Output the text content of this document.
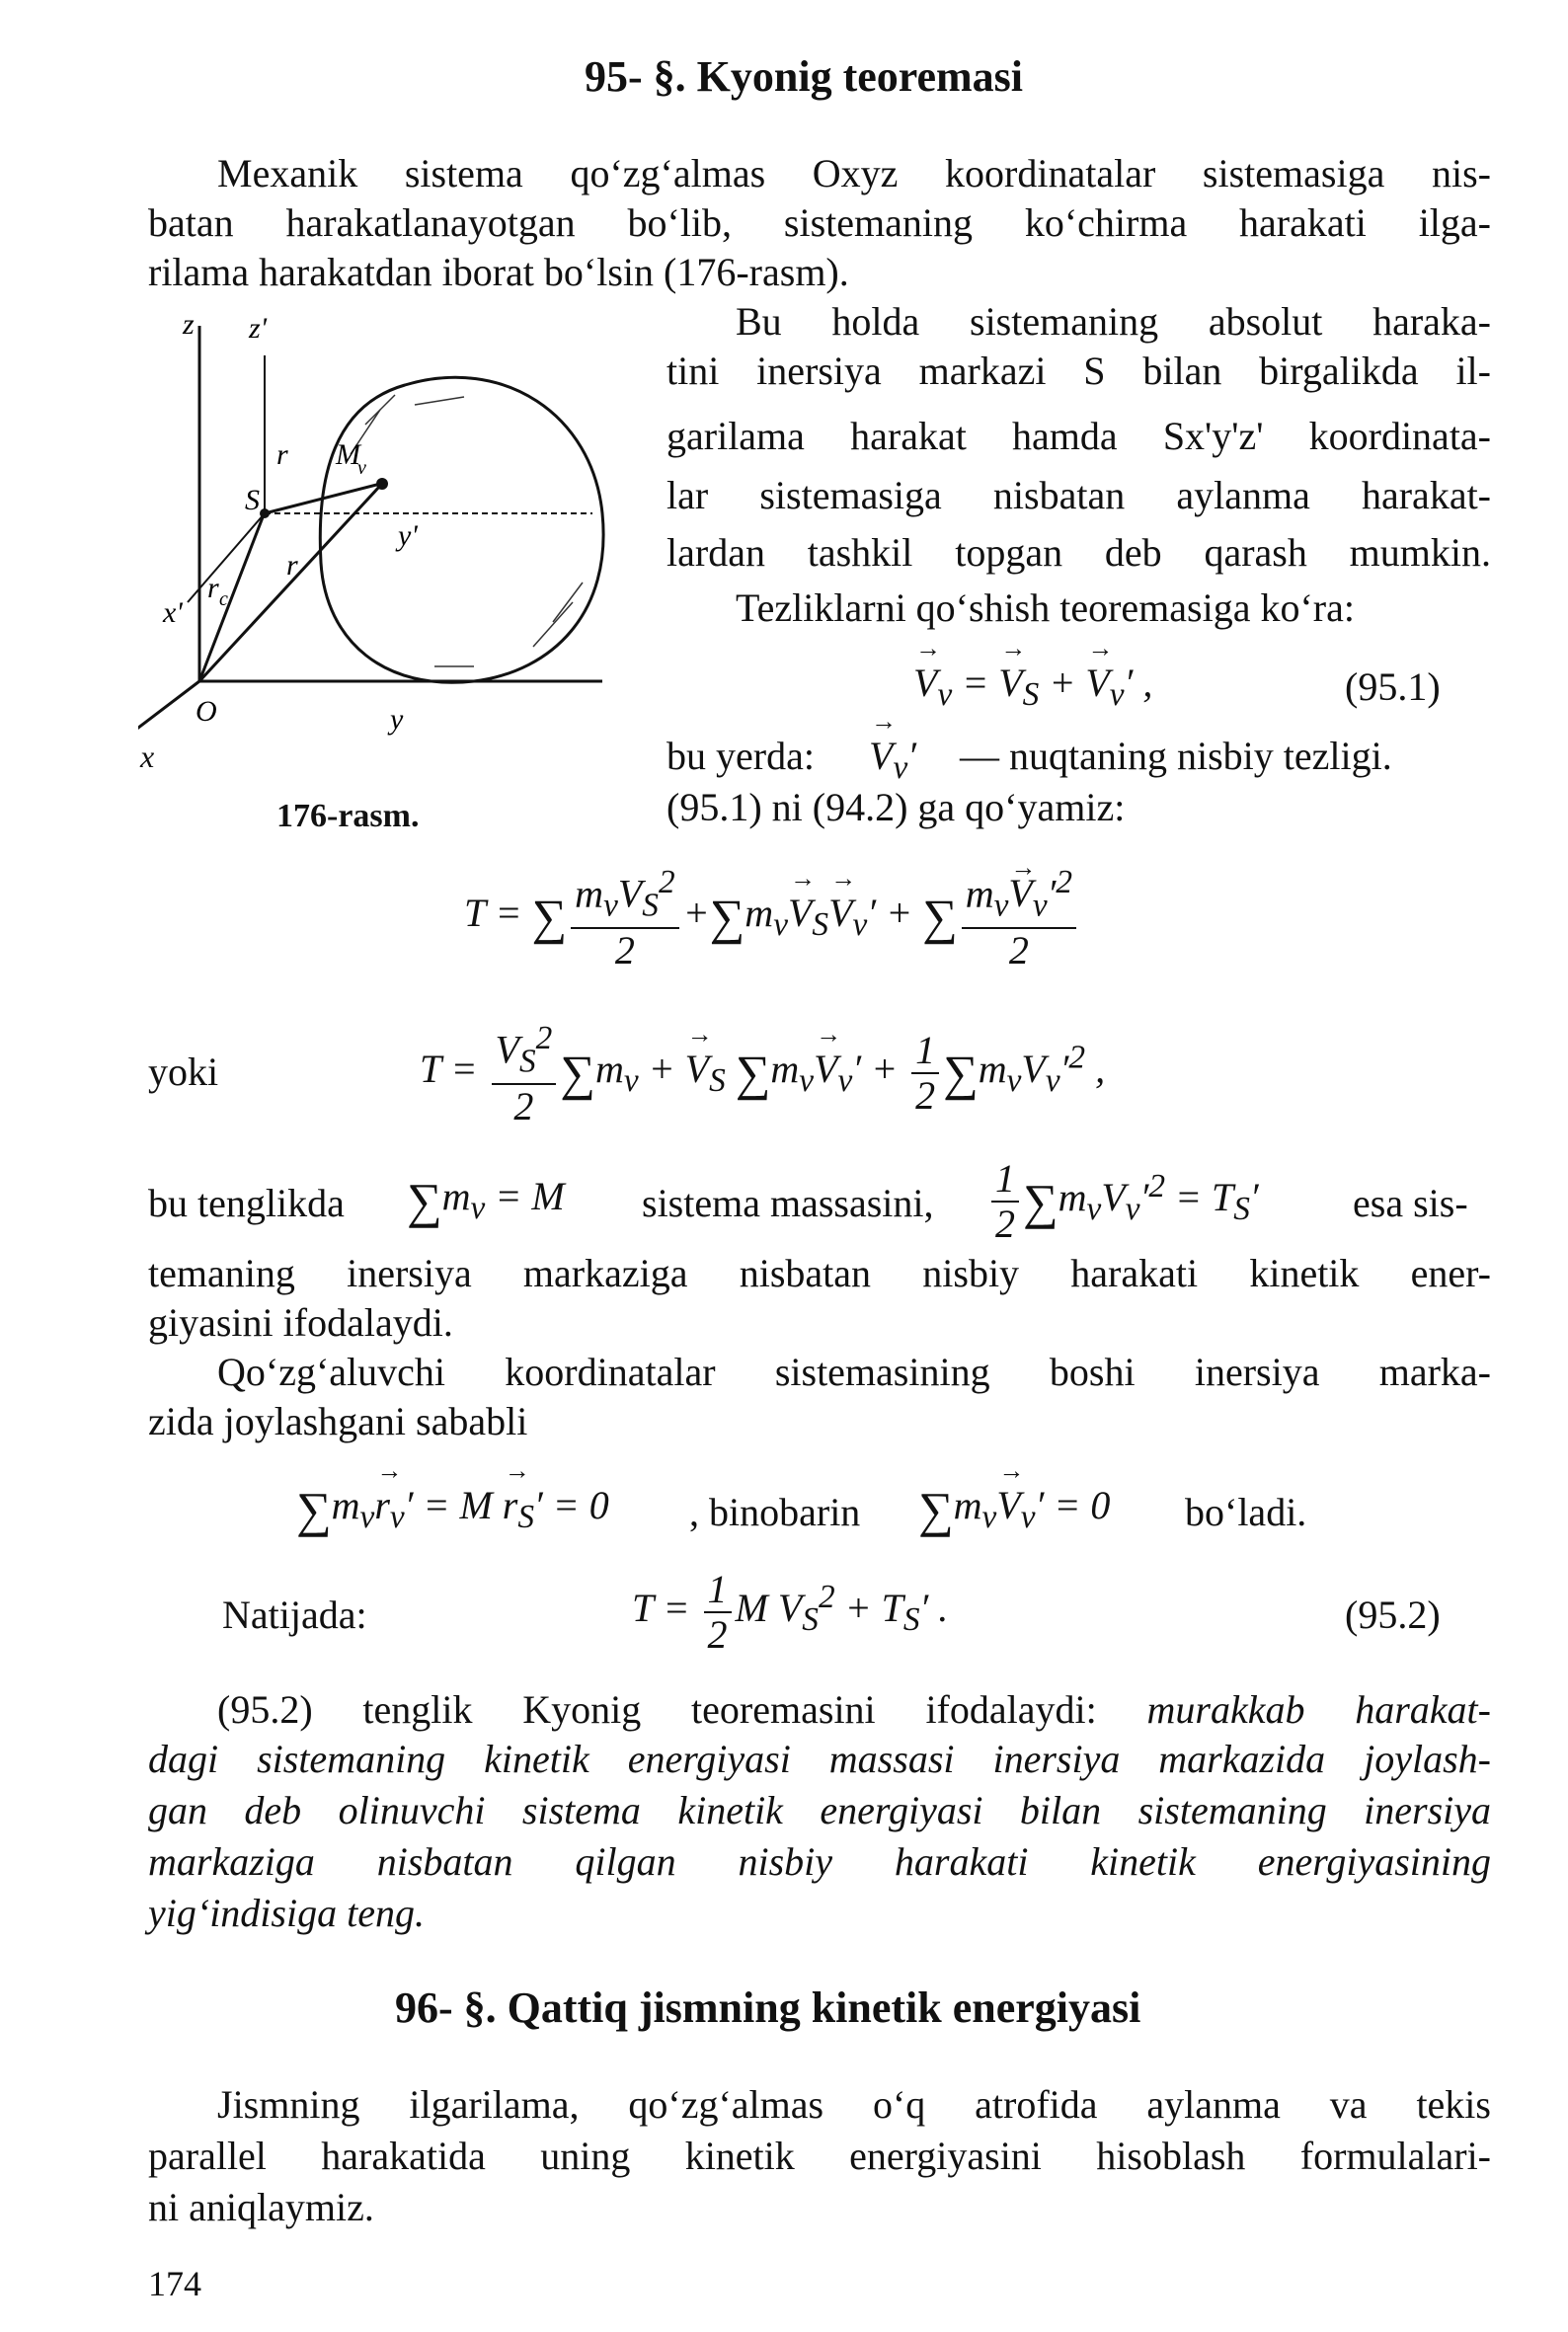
95- §. Kyonig teoremasi
Mexanik sistema qo‘zg‘almas Oxyz koordinatalar sistemasiga nis-
batan harakatlanayotgan bo‘lib, sistemaning ko‘chirma harakati ilga-
rilama harakatdan iborat bo‘lsin (176-rasm).
z z'
y
y'
x'
O
S
M
v
r
r
r c
x
176-rasm.
Bu holda sistemaning absolut haraka-
tini inersiya markazi S bilan birgalikda il-
garilama harakat hamda Sx'y'z' koordinata-
lar sistemasiga nisbatan aylanma harakat-
lardan tashkil topgan deb qarash mumkin.
Tezliklarni qo‘shish teoremasiga ko‘ra:
→ $V_v$ = → $V_S$ + → $V_v'$ ,	(95.1)
bu yerda:
→ $V_v'$ — nuqtaning nisbiy tezligi.
(95.1) ni (94.2) ga qo‘yamiz:
T = ∑ $\frac{m_vV_S^2}{2} +\sum m_v\to V_S\to V_v'$ + ∑ $\frac{m_v\to V_v'^2}{2}$
yoki	$T = \frac{V_S^2}{2} \sum m_v$ + → $V_S$ $\sum m_v\to V_v' + \frac{1}{2} \sum m_vV_v'^2$ ,
bu tenglikda $\sum m_v = M$ sistema massasini, $\frac{1}{2} \sum m_vV_v'^2 = T_S'$ esa sis-
temaning inersiya markaziga nisbatan nisbiy harakati kinetik ener-
giyasini ifodalaydi.
Qo‘zg‘aluvchi koordinatalar sistemasining boshi inersiya marka-
zida joylashgani sababli
$\sum m_v\to r_v' = M \to r_S' = 0$ , binobarin $\sum m_v\to V_v' = 0$ bo‘ladi.
Natijada:	$T = \frac{1}{2}$ M $V_S^2 + T_S'$ .	(95.2)
(95.2) tenglik Kyonig teoremasini ifodalaydi: murakkab harakat-
dagi sistemaning kinetik energiyasi massasi inersiya markazida joylash-
gan deb olinuvchi sistema kinetik energiyasi bilan sistemaning inersiya
markaziga nisbatan qilgan nisbiy harakati kinetik energiyasining
yig‘indisiga teng.
96- §. Qattiq jismning kinetik energiyasi
Jismning ilgarilama, qo‘zg‘almas o‘q atrofida aylanma va tekis
parallel harakatida uning kinetik energiyasini hisoblash formulalari-
ni aniqlaymiz.
174
